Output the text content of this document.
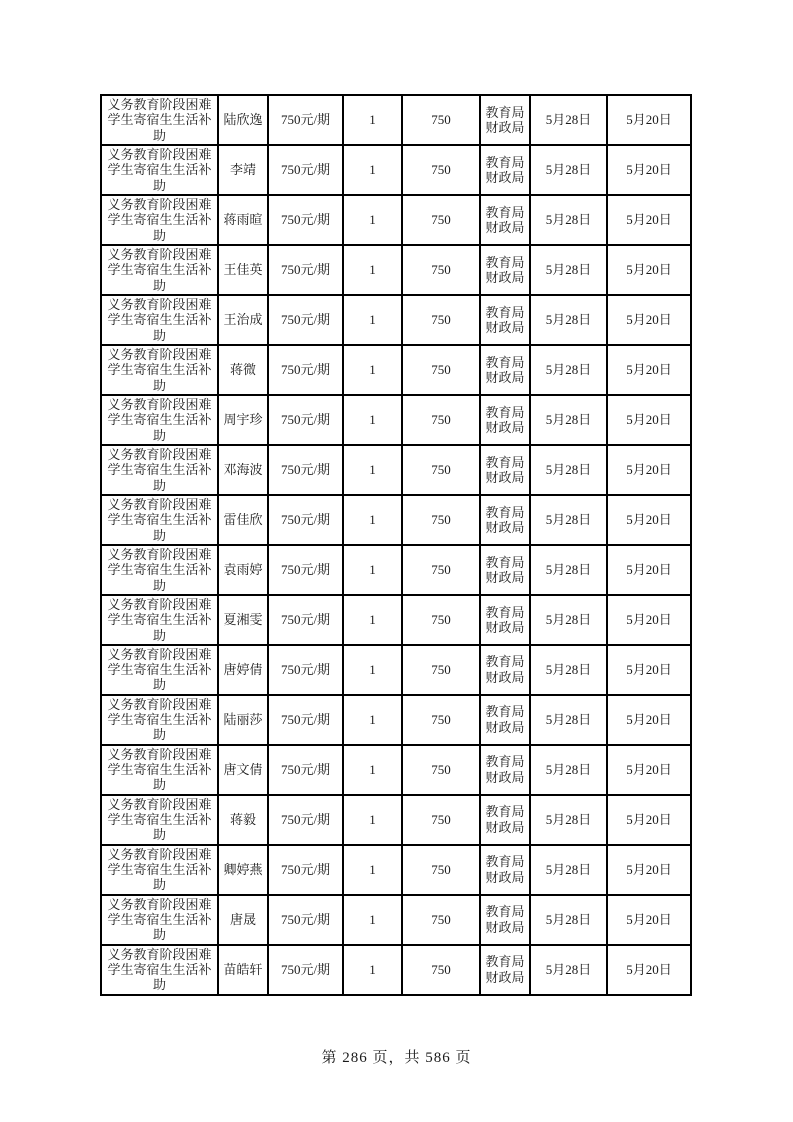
义务教育阶段困难学生寄宿生生活补助	陆欣逸	750元/期	1	750	教育局财政局	5月28日	5月20日
义务教育阶段困难学生寄宿生生活补助	李靖	750元/期	1	750	教育局财政局	5月28日	5月20日
义务教育阶段困难学生寄宿生生活补助	蒋雨暄	750元/期	1	750	教育局财政局	5月28日	5月20日
义务教育阶段困难学生寄宿生生活补助	王佳英	750元/期	1	750	教育局财政局	5月28日	5月20日
义务教育阶段困难学生寄宿生生活补助	王治成	750元/期	1	750	教育局财政局	5月28日	5月20日
义务教育阶段困难学生寄宿生生活补助	蒋微	750元/期	1	750	教育局财政局	5月28日	5月20日
义务教育阶段困难学生寄宿生生活补助	周宇珍	750元/期	1	750	教育局财政局	5月28日	5月20日
义务教育阶段困难学生寄宿生生活补助	邓海波	750元/期	1	750	教育局财政局	5月28日	5月20日
义务教育阶段困难学生寄宿生生活补助	雷佳欣	750元/期	1	750	教育局财政局	5月28日	5月20日
义务教育阶段困难学生寄宿生生活补助	袁雨婷	750元/期	1	750	教育局财政局	5月28日	5月20日
义务教育阶段困难学生寄宿生生活补助	夏湘雯	750元/期	1	750	教育局财政局	5月28日	5月20日
义务教育阶段困难学生寄宿生生活补助	唐婷倩	750元/期	1	750	教育局财政局	5月28日	5月20日
义务教育阶段困难学生寄宿生生活补助	陆丽莎	750元/期	1	750	教育局财政局	5月28日	5月20日
义务教育阶段困难学生寄宿生生活补助	唐文倩	750元/期	1	750	教育局财政局	5月28日	5月20日
义务教育阶段困难学生寄宿生生活补助	蒋毅	750元/期	1	750	教育局财政局	5月28日	5月20日
义务教育阶段困难学生寄宿生生活补助	卿婷燕	750元/期	1	750	教育局财政局	5月28日	5月20日
义务教育阶段困难学生寄宿生生活补助	唐晟	750元/期	1	750	教育局财政局	5月28日	5月20日
义务教育阶段困难学生寄宿生生活补助	苗皓轩	750元/期	1	750	教育局财政局	5月28日	5月20日
第 286 页，共 586 页
